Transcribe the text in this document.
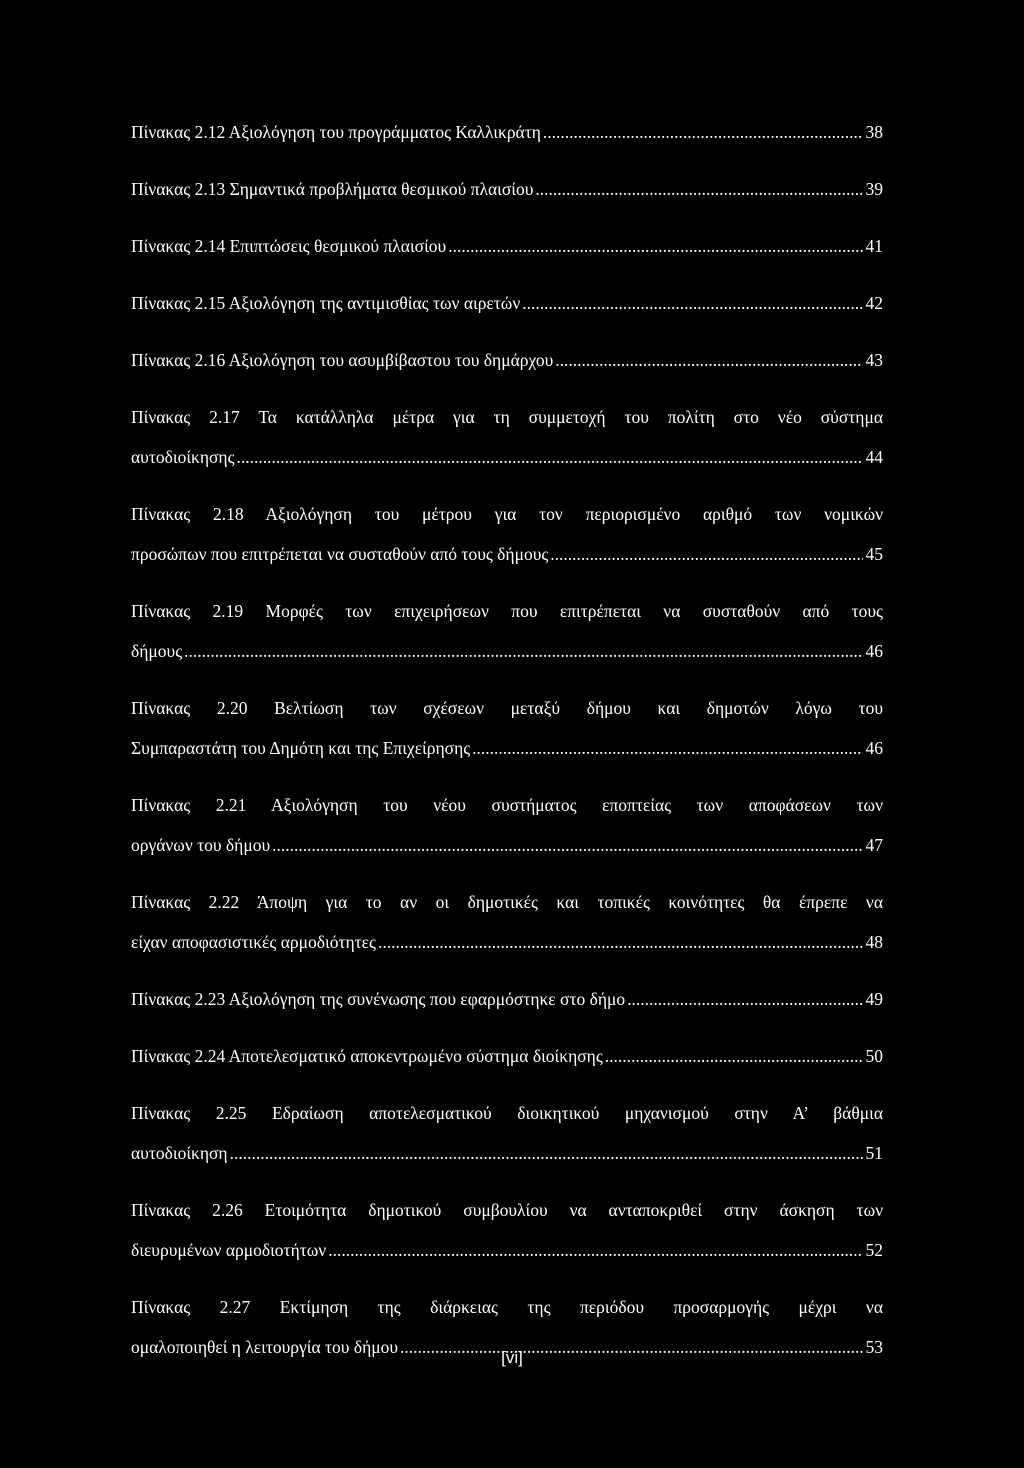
Πίνακας 2.12 Αξιολόγηση του προγράμματος Καλλικράτη .....	38
Πίνακας 2.13 Σημαντικά προβλήματα θεσμικού πλαισίου .....	39
Πίνακας 2.14 Επιπτώσεις θεσμικού πλαισίου .....	41
Πίνακας 2.15 Αξιολόγηση της αντιμισθίας των αιρετών .....	42
Πίνακας 2.16 Αξιολόγηση του ασυμβίβαστου του δημάρχου .....	43
Πίνακας 2.17 Τα κατάλληλα μέτρα για τη συμμετοχή του πολίτη στο νέο σύστημα
αυτοδιοίκησης .....	44
Πίνακας 2.18 Αξιολόγηση του μέτρου για τον περιορισμένο αριθμό των νομικών
προσώπων που επιτρέπεται να συσταθούν από τους δήμους .....	45
Πίνακας 2.19 Μορφές των επιχειρήσεων που επιτρέπεται να συσταθούν από τους
δήμους .....	46
Πίνακας 2.20 Βελτίωση των σχέσεων μεταξύ δήμου και δημοτών λόγω του
Συμπαραστάτη του Δημότη και της Επιχείρησης .....	46
Πίνακας 2.21 Αξιολόγηση του νέου συστήματος εποπτείας των αποφάσεων των
οργάνων του δήμου .....	47
Πίνακας 2.22 Άποψη για το αν οι δημοτικές και τοπικές κοινότητες θα έπρεπε να
είχαν αποφασιστικές αρμοδιότητες .....	48
Πίνακας 2.23 Αξιολόγηση της συνένωσης που εφαρμόστηκε στο δήμο .....	49
Πίνακας 2.24 Αποτελεσματικό αποκεντρωμένο σύστημα διοίκησης .....	50
Πίνακας 2.25 Εδραίωση αποτελεσματικού διοικητικού μηχανισμού στην Α’ βάθμια
αυτοδιοίκηση .....	51
Πίνακας 2.26 Ετοιμότητα δημοτικού συμβουλίου να ανταποκριθεί στην άσκηση των
διευρυμένων αρμοδιοτήτων .....	52
Πίνακας 2.27 Εκτίμηση της διάρκειας της περιόδου προσαρμογής μέχρι να
ομαλοποιηθεί η λειτουργία του δήμου .....	53
[vi]
